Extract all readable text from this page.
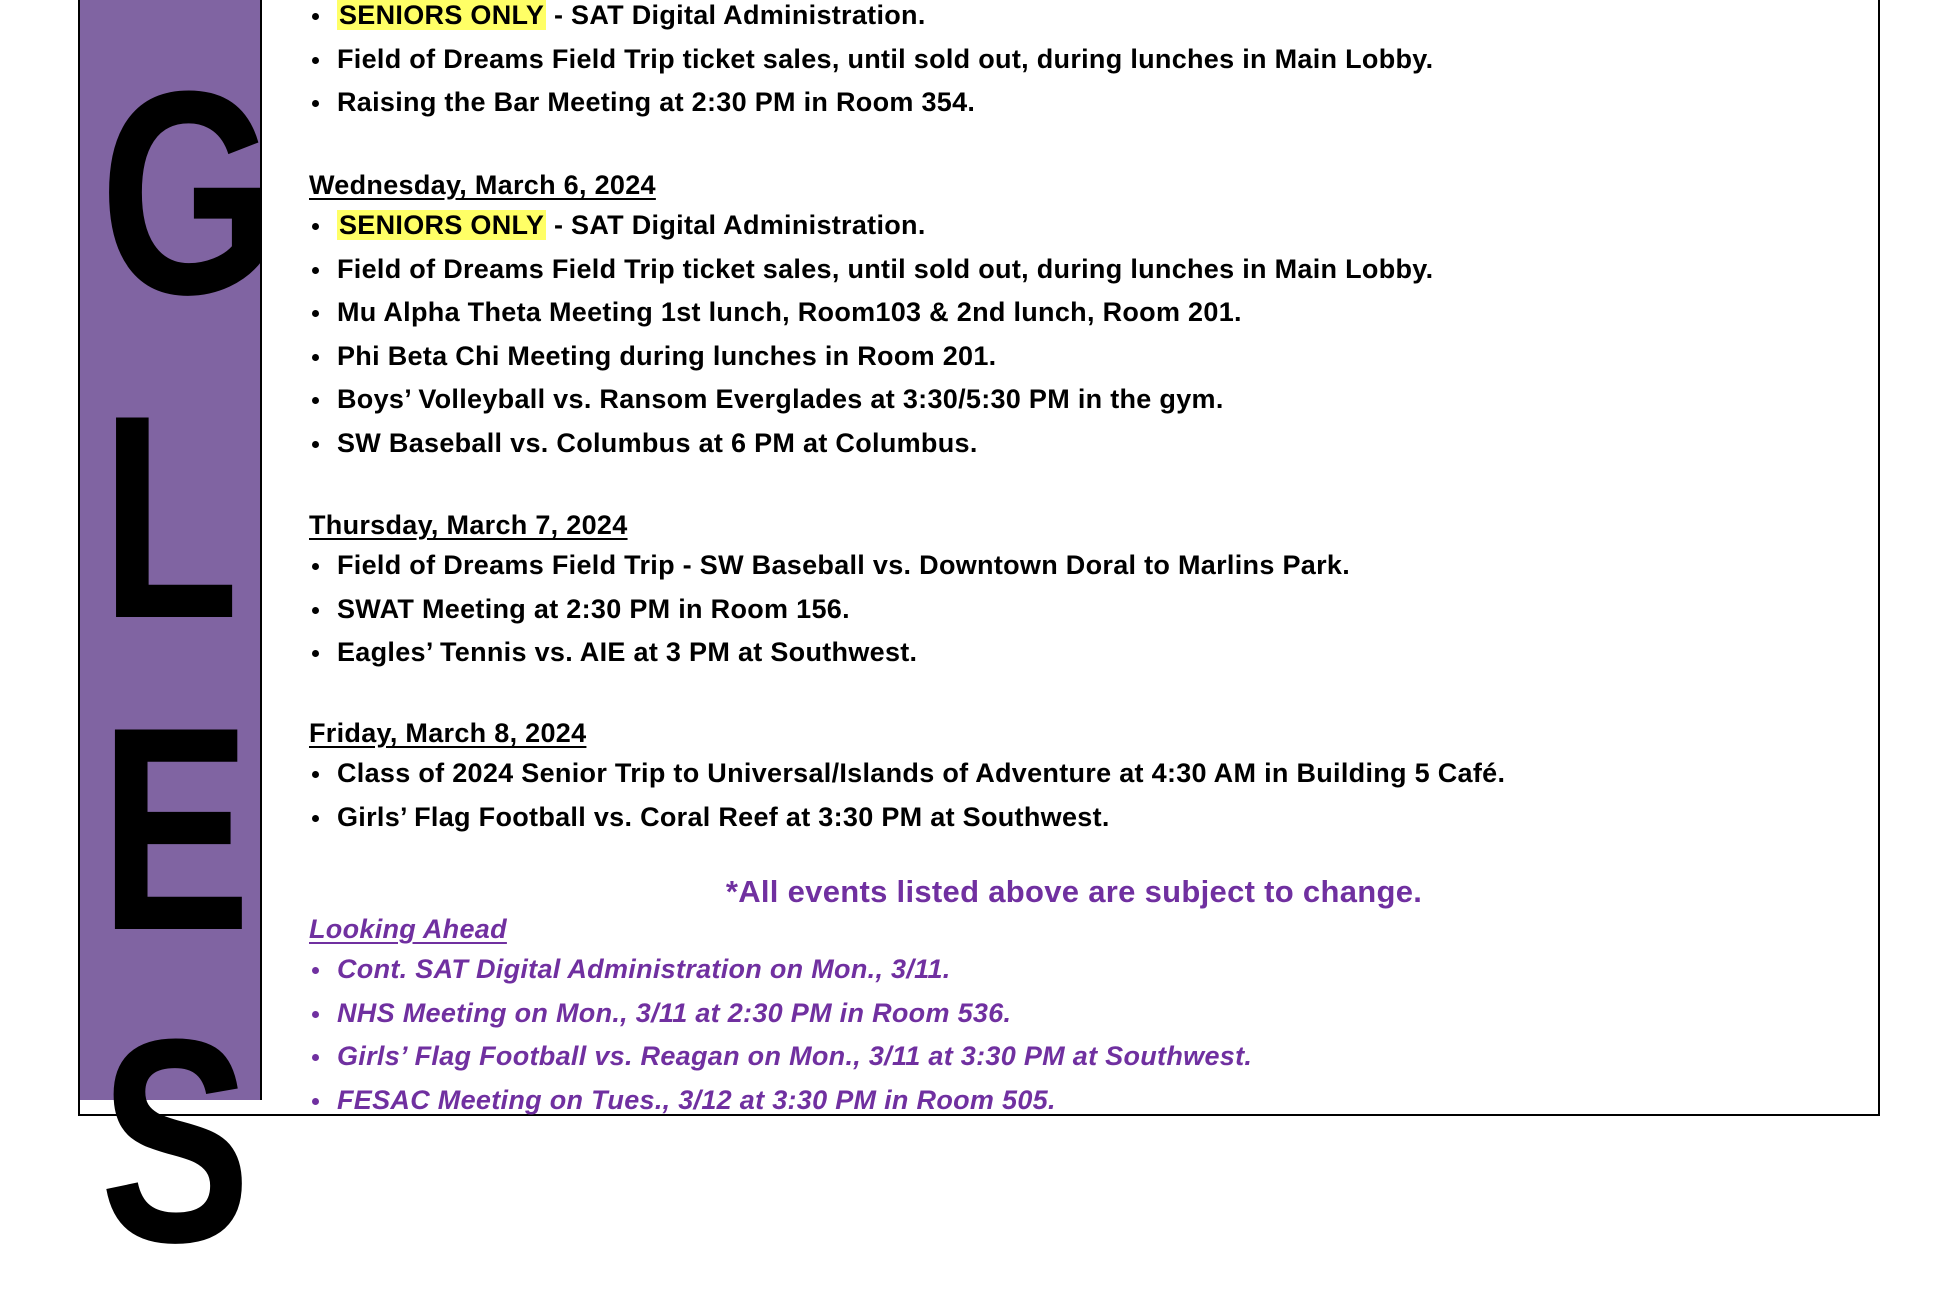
G
L
E
S
SENIORS ONLY - SAT Digital Administration.
Field of Dreams Field Trip ticket sales, until sold out, during lunches in Main Lobby.
Raising the Bar Meeting at 2:30 PM in Room 354.
Wednesday, March 6, 2024
SENIORS ONLY - SAT Digital Administration.
Field of Dreams Field Trip ticket sales, until sold out, during lunches in Main Lobby.
Mu Alpha Theta Meeting 1st lunch, Room103 & 2nd lunch, Room 201.
Phi Beta Chi Meeting during lunches in Room 201.
Boys’ Volleyball vs. Ransom Everglades at 3:30/5:30 PM in the gym.
SW Baseball vs. Columbus at 6 PM at Columbus.
Thursday, March 7, 2024
Field of Dreams Field Trip - SW Baseball vs. Downtown Doral to Marlins Park.
SWAT Meeting at 2:30 PM in Room 156.
Eagles’ Tennis vs. AIE at 3 PM at Southwest.
Friday, March 8, 2024
Class of 2024 Senior Trip to Universal/Islands of Adventure at 4:30 AM in Building 5 Café.
Girls’ Flag Football vs. Coral Reef at 3:30 PM at Southwest.
*All events listed above are subject to change.
Looking Ahead
Cont. SAT Digital Administration on Mon., 3/11.
NHS Meeting on Mon., 3/11 at 2:30 PM in Room 536.
Girls’ Flag Football vs. Reagan on Mon., 3/11 at 3:30 PM at Southwest.
FESAC Meeting on Tues., 3/12 at 3:30 PM in Room 505.
